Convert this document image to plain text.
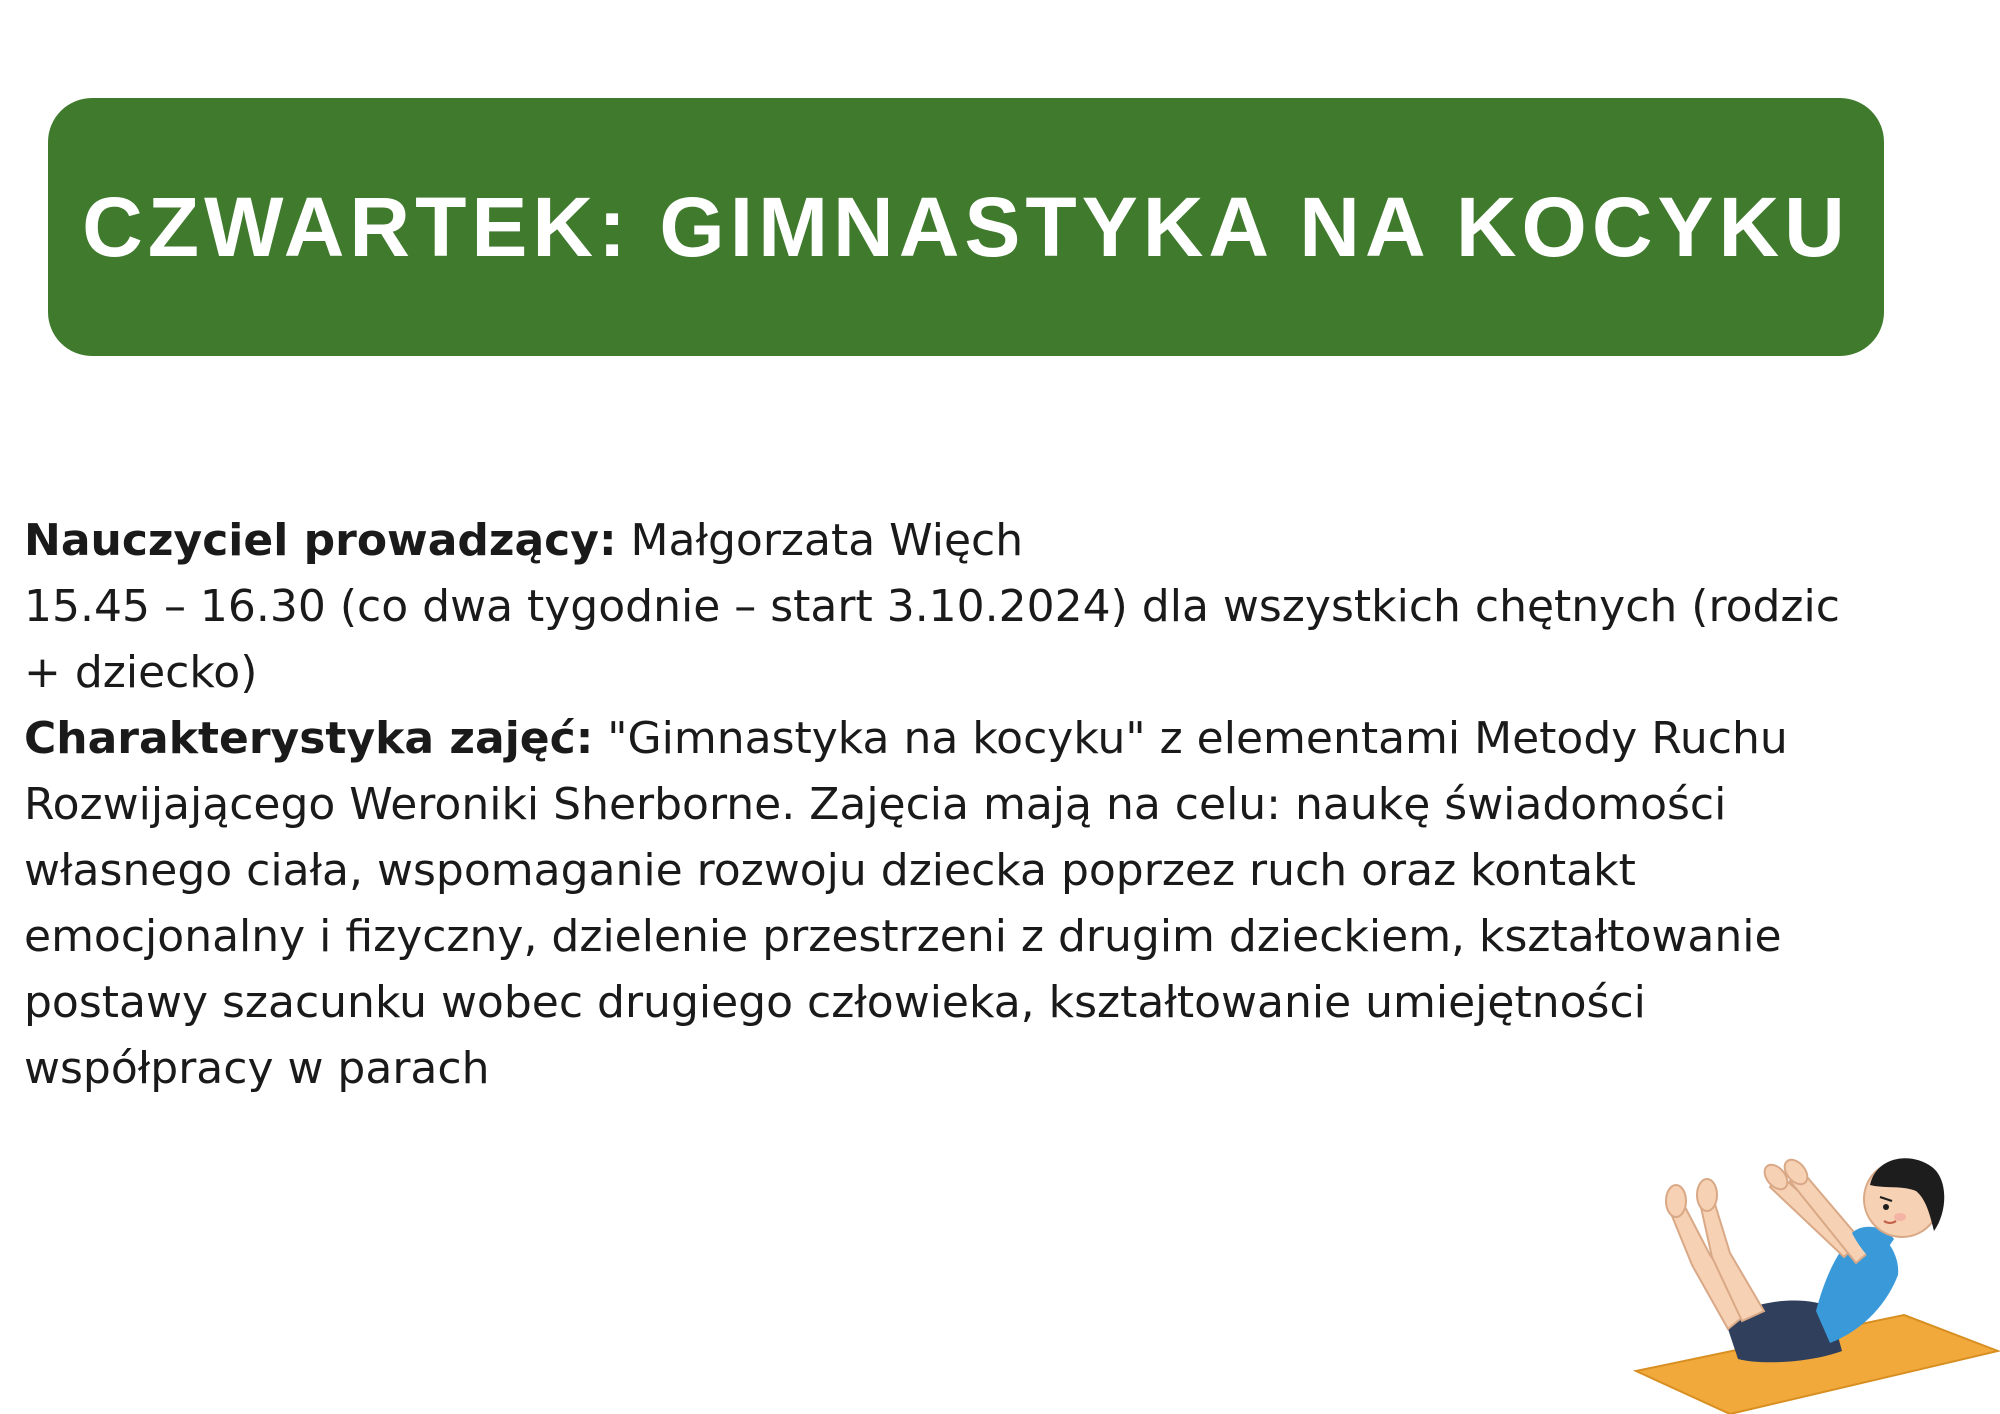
CZWARTEK: GIMNASTYKA NA KOCYKU

Nauczyciel prowadzący: Małgorzata Więch

15.45 – 16.30 (co dwa tygodnie – start 3.10.2024) dla wszystkich chętnych (rodzic + dziecko)

Charakterystyka zajęć: "Gimnastyka na kocyku" z elementami Metody Ruchu Rozwijającego Weroniki Sherborne. Zajęcia mają na celu: naukę świadomości własnego ciała, wspomaganie rozwoju dziecka poprzez ruch oraz kontakt emocjonalny i fizyczny, dzielenie przestrzeni z drugim dzieckiem, kształtowanie postawy szacunku wobec drugiego człowieka, kształtowanie umiejętności współpracy w parach
